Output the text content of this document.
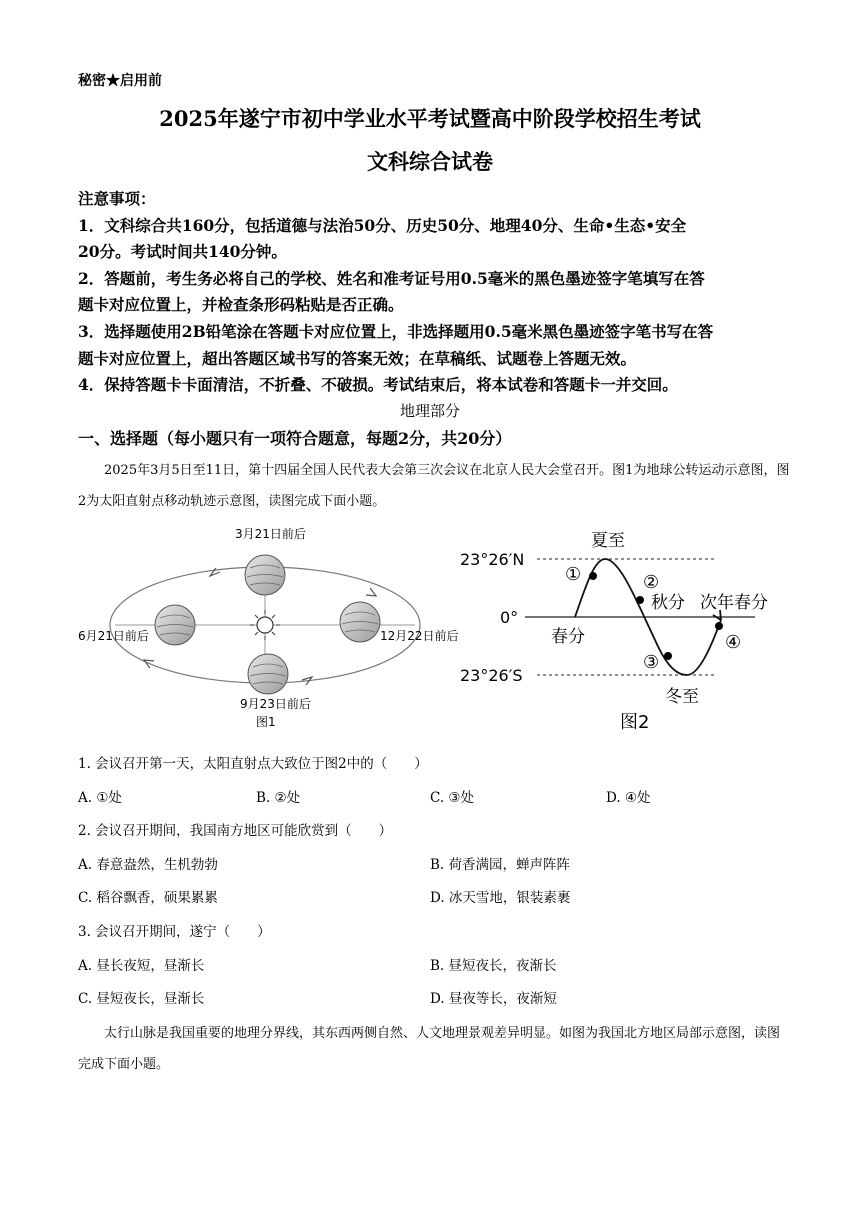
秘密★启用前
2025年遂宁市初中学业水平考试暨高中阶段学校招生考试
文科综合试卷

注意事项：

1．文科综合共160分，包括道德与法治50分、历史50分、地理40分、生命•生态•安全

20分。考试时间共140分钟。

2．答题前，考生务必将自己的学校、姓名和准考证号用0.5毫米的黑色墨迹签字笔填写在答

题卡对应位置上，并检查条形码粘贴是否正确。

3．选择题使用2B铅笔涂在答题卡对应位置上，非选择题用0.5毫米黑色墨迹签字笔书写在答

题卡对应位置上，超出答题区域书写的答案无效；在草稿纸、试题卷上答题无效。

4．保持答题卡卡面清洁，不折叠、不破损。考试结束后，将本试卷和答题卡一并交回。

地理部分
一、选择题（每小题只有一项符合题意，每题2分，共20分）
2025年3月5日至11日，第十四届全国人民代表大会第三次会议在北京人民大会堂召开。图1为地球公转运动示意图，图2为太阳直射点移动轨迹示意图，读图完成下面小题。
3月21日前后
6月21日前后	12月22日前后
9月23日前后
图1
23°26′N
0°
23°26′S
夏至
秋分 次年春分
春分
冬至
①	②
③
④
图2
1. 会议召开第一天，太阳直射点大致位于图2中的（　　）
A. ①处	B. ②处	C. ③处	D. ④处
2. 会议召开期间，我国南方地区可能欣赏到（　　）
A. 春意盎然，生机勃勃	B. 荷香满园，蝉声阵阵
C. 稻谷飘香，硕果累累	D. 冰天雪地，银装素裹
3. 会议召开期间，遂宁（　　）
A. 昼长夜短，昼渐长	B. 昼短夜长，夜渐长
C. 昼短夜长，昼渐长	D. 昼夜等长，夜渐短
太行山脉是我国重要的地理分界线，其东西两侧自然、人文地理景观差异明显。如图为我国北方地区局部示意图，读图完成下面小题。
